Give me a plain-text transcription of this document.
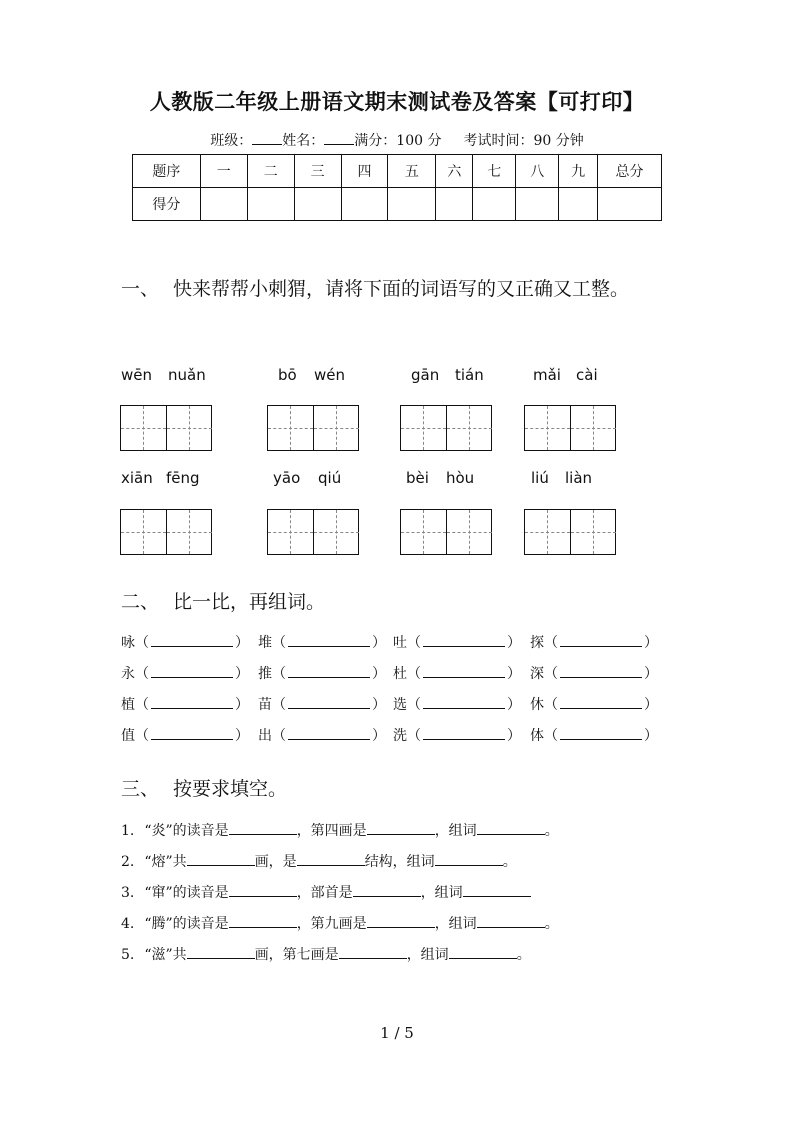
人教版二年级上册语文期末测试卷及答案【可打印】
班级： 姓名： 满分：100 分 考试时间：90 分钟
题序	一	二	三	四	五	六	七	八	九	总分
得分										
一、 快来帮帮小刺猬，请将下面的词语写的又正确又工整。
wēn nuǎn	bō wén	gān tián	mǎi cài
xiān fēng	yāo qiú	bèi hòu	liú liàn
二、 比一比，再组词。
咏（	） 堆（	） 吐（	） 探（	）
永（	） 推（	） 杜（	） 深（	）
植（	） 苗（	） 选（	） 休（	）
值（	） 出（	） 洗（	） 体（	）
三、 按要求填空。
1. “炎”的读音是	，第四画是	，组词	。
2. “熔”共	画，是	结构，组词	。
3. “窜”的读音是	，部首是	，组词
4. “腾”的读音是	，第九画是	，组词	。
5. “滋”共	画，第七画是	，组词	。
1 / 5
